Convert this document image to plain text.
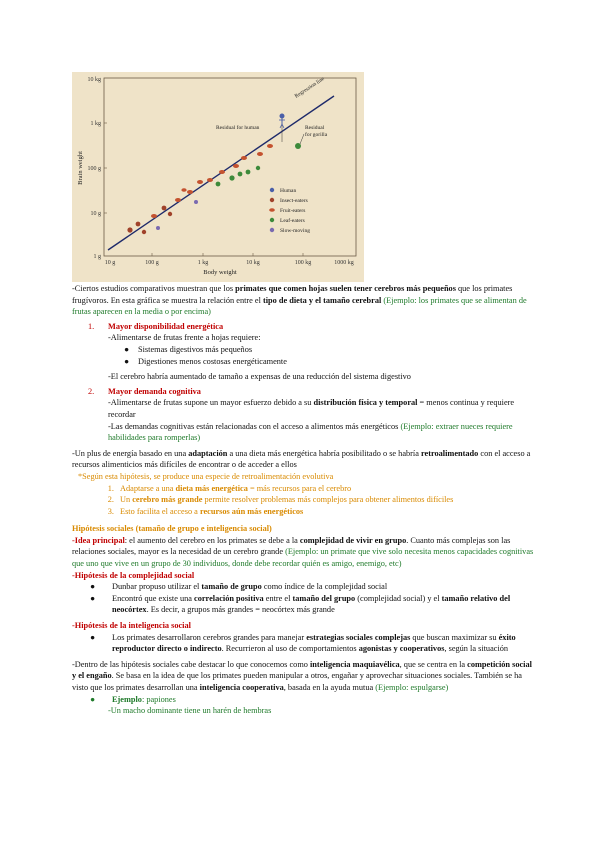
10 kg
1 kg
100 g
10 g
1 g
10 g	100 g	1 kg	10 kg	100 kg	1000 kg
Body weight
Brain weight
Regression line
Residual for human	Residual
for gorilla
Human
Insect-eaters
Fruit-eaters
Leaf-eaters
Slow-moving

-Ciertos estudios comparativos muestran que los primates que comen hojas suelen tener cerebros más pequeños que los primates frugívoros. En esta gráfica se muestra la relación entre el tipo de dieta y el tamaño cerebral (Ejemplo: los primates que se alimentan de frutas aparecen en la media o por encima)

1.	Mayor disponibilidad energética
-Alimentarse de frutas frente a hojas requiere:
●	Sistemas digestivos más pequeños
●	Digestiones menos costosas energéticamente
-El cerebro habría aumentado de tamaño a expensas de una reducción del sistema digestivo
2.	Mayor demanda cognitiva
-Alimentarse de frutas supone un mayor esfuerzo debido a su distribución física y temporal = menos continua y requiere recordar
-Las demandas cognitivas están relacionadas con el acceso a alimentos más energéticos (Ejemplo: extraer nueces requiere habilidades para romperlas)

-Un plus de energía basado en una adaptación a una dieta más energética habría posibilitado o se habría retroalimentado con el acceso a recursos alimenticios más difíciles de encontrar o de acceder a ellos

*Según esta hipótesis, se produce una especie de retroalimentación evolutiva
1. Adaptarse a una dieta más energética = más recursos para el cerebro
2. Un cerebro más grande permite resolver problemas más complejos para obtener alimentos difíciles
3. Esto facilita el acceso a recursos aún más energéticos
Hipótesis sociales (tamaño de grupo e inteligencia social)

-Idea principal: el aumento del cerebro en los primates se debe a la complejidad de vivir en grupo. Cuanto más complejas son las relaciones sociales, mayor es la necesidad de un cerebro grande (Ejemplo: un primate que vive solo necesita menos capacidades cognitivas que uno que vive en un grupo de 30 individuos, donde debe recordar quién es amigo, enemigo, etc)

-Hipótesis de la complejidad social
●	Dunbar propuso utilizar el tamaño de grupo como índice de la complejidad social
●	Encontró que existe una correlación positiva entre el tamaño del grupo (complejidad social) y el tamaño relativo del neocórtex. Es decir, a grupos más grandes = neocórtex más grande
-Hipótesis de la inteligencia social
●	Los primates desarrollaron cerebros grandes para manejar estrategias sociales complejas que buscan maximizar su éxito reproductor directo o indirecto. Recurrieron al uso de comportamientos agonistas y cooperativos, según la situación

-Dentro de las hipótesis sociales cabe destacar lo que conocemos como inteligencia maquiavélica, que se centra en la competición social y el engaño. Se basa en la idea de que los primates pueden manipular a otros, engañar y aprovechar situaciones sociales. También se ha visto que los primates desarrollan una inteligencia cooperativa, basada en la ayuda mutua (Ejemplo: espulgarse)

●	Ejemplo: papiones
-Un macho dominante tiene un harén de hembras
